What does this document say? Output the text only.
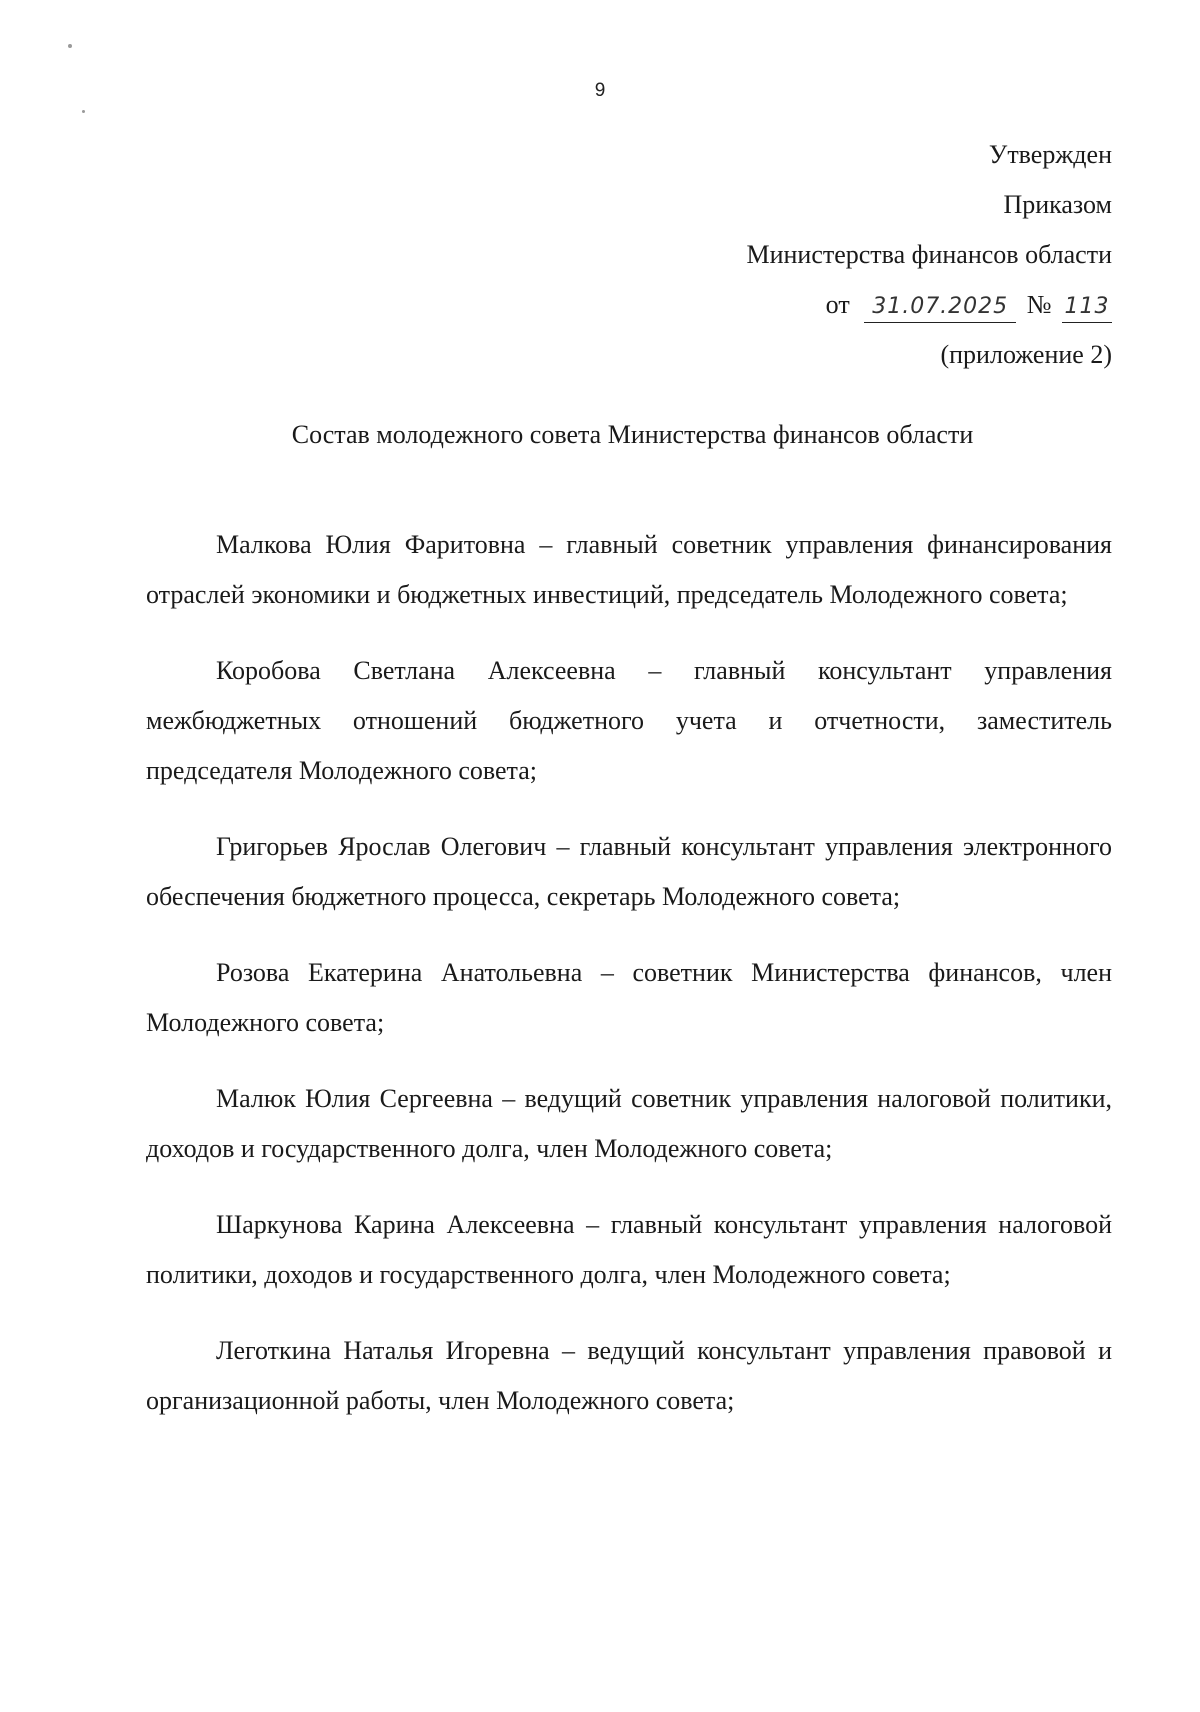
9
Утвержден
Приказом
Министерства финансов области
от 31.07.2025 № 113
(приложение 2)
Состав молодежного совета Министерства финансов области

Малкова Юлия Фаритовна – главный советник управления финансирования отраслей экономики и бюджетных инвестиций, председатель Молодежного совета;

Коробова Светлана Алексеевна – главный консультант управления межбюджетных отношений бюджетного учета и отчетности, заместитель председателя Молодежного совета;

Григорьев Ярослав Олегович – главный консультант управления электронного обеспечения бюджетного процесса, секретарь Молодежного совета;

Розова Екатерина Анатольевна – советник Министерства финансов, член Молодежного совета;

Малюк Юлия Сергеевна – ведущий советник управления налоговой политики, доходов и государственного долга, член Молодежного совета;

Шаркунова Карина Алексеевна – главный консультант управления налоговой политики, доходов и государственного долга, член Молодежного совета;

Леготкина Наталья Игоревна – ведущий консультант управления правовой и организационной работы, член Молодежного совета;
